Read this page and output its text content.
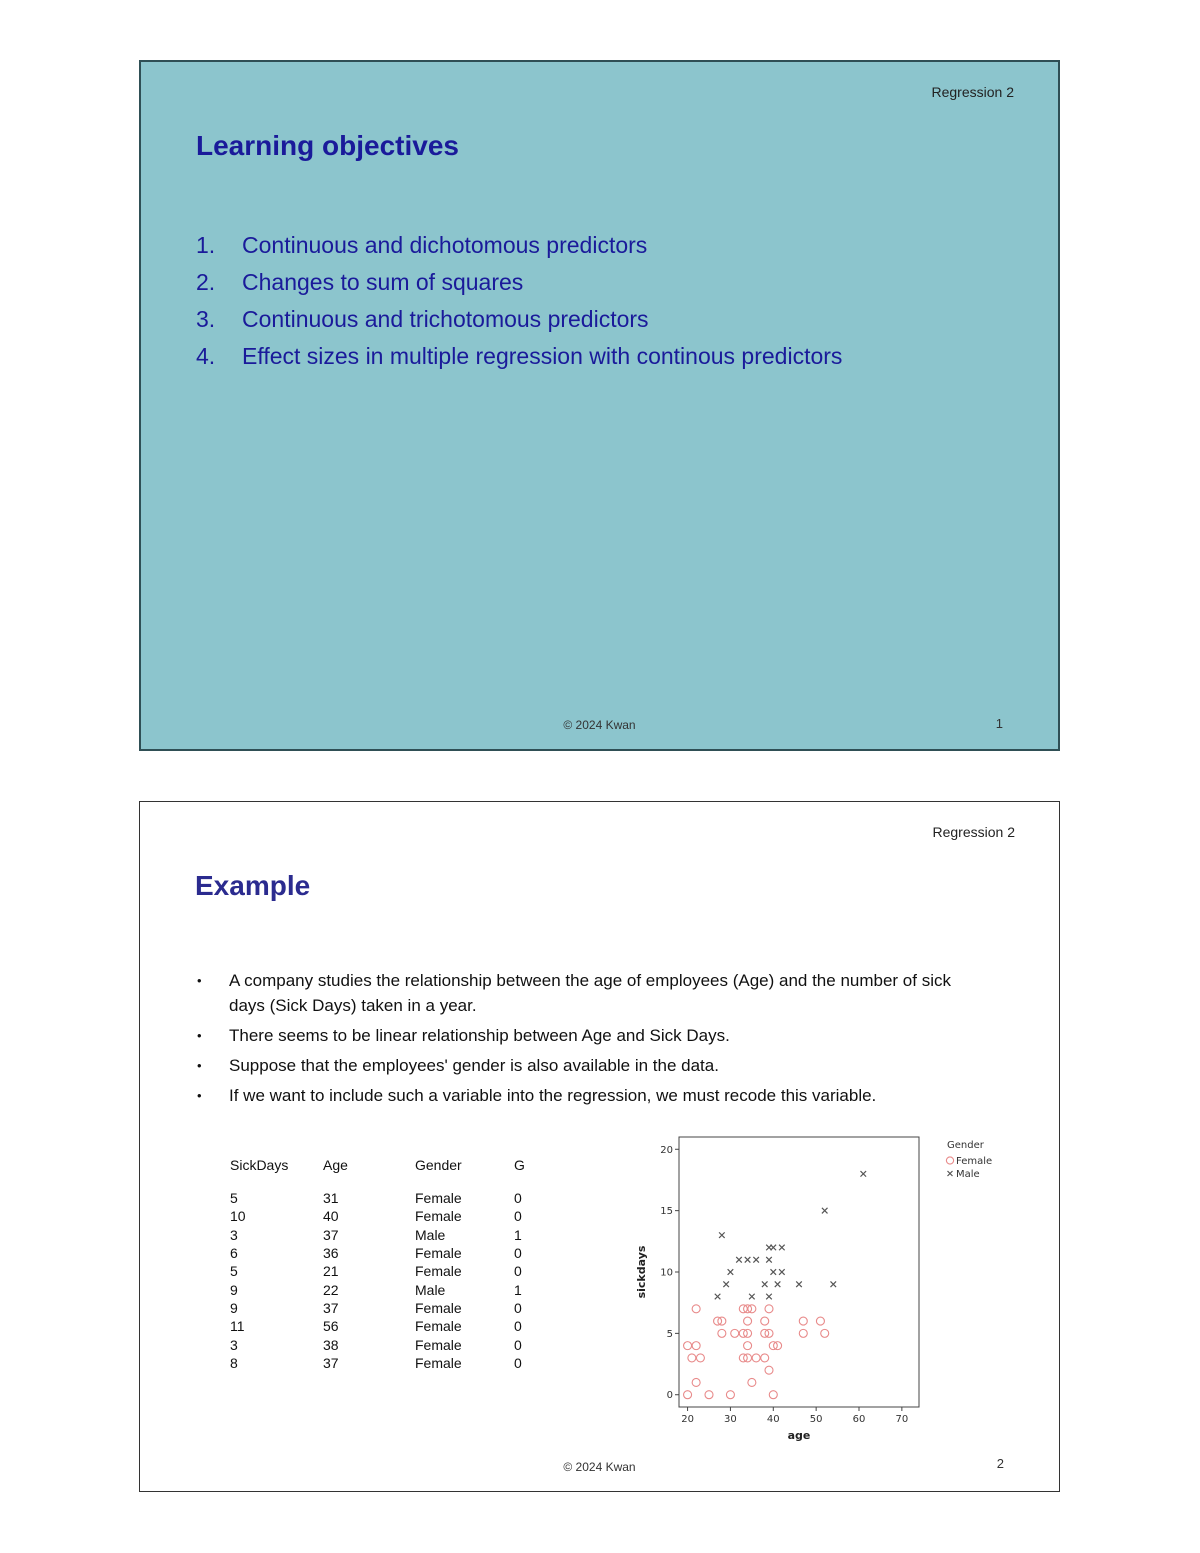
Regression 2
Learning objectives
1.	Continuous and dichotomous predictors
2.	Changes to sum of squares
3.	Continuous and trichotomous predictors
4.	Effect sizes in multiple regression with continous predictors
© 2024 Kwan	1
Regression 2
Example
• A company studies the relationship between the age of employees (Age) and the number of sick days (Sick Days) taken in a year.
• There seems to be linear relationship between Age and Sick Days.
• Suppose that the employees' gender is also available in the data.
• If we want to include such a variable into the regression, we must recode this variable.
SickDays	Age	Gender	G
5	31	Female	0
10	40	Female	0
3	37	Male	1
6	36	Female	0
5	21	Female	0
9	22	Male	1
9	37	Female	0
11	56	Female	0
3	38	Female	0
8	37	Female	0
20	30	40	50	60	70
0
5
10
15
20
age
sickdays
Gender
Female
Male
© 2024 Kwan	2
